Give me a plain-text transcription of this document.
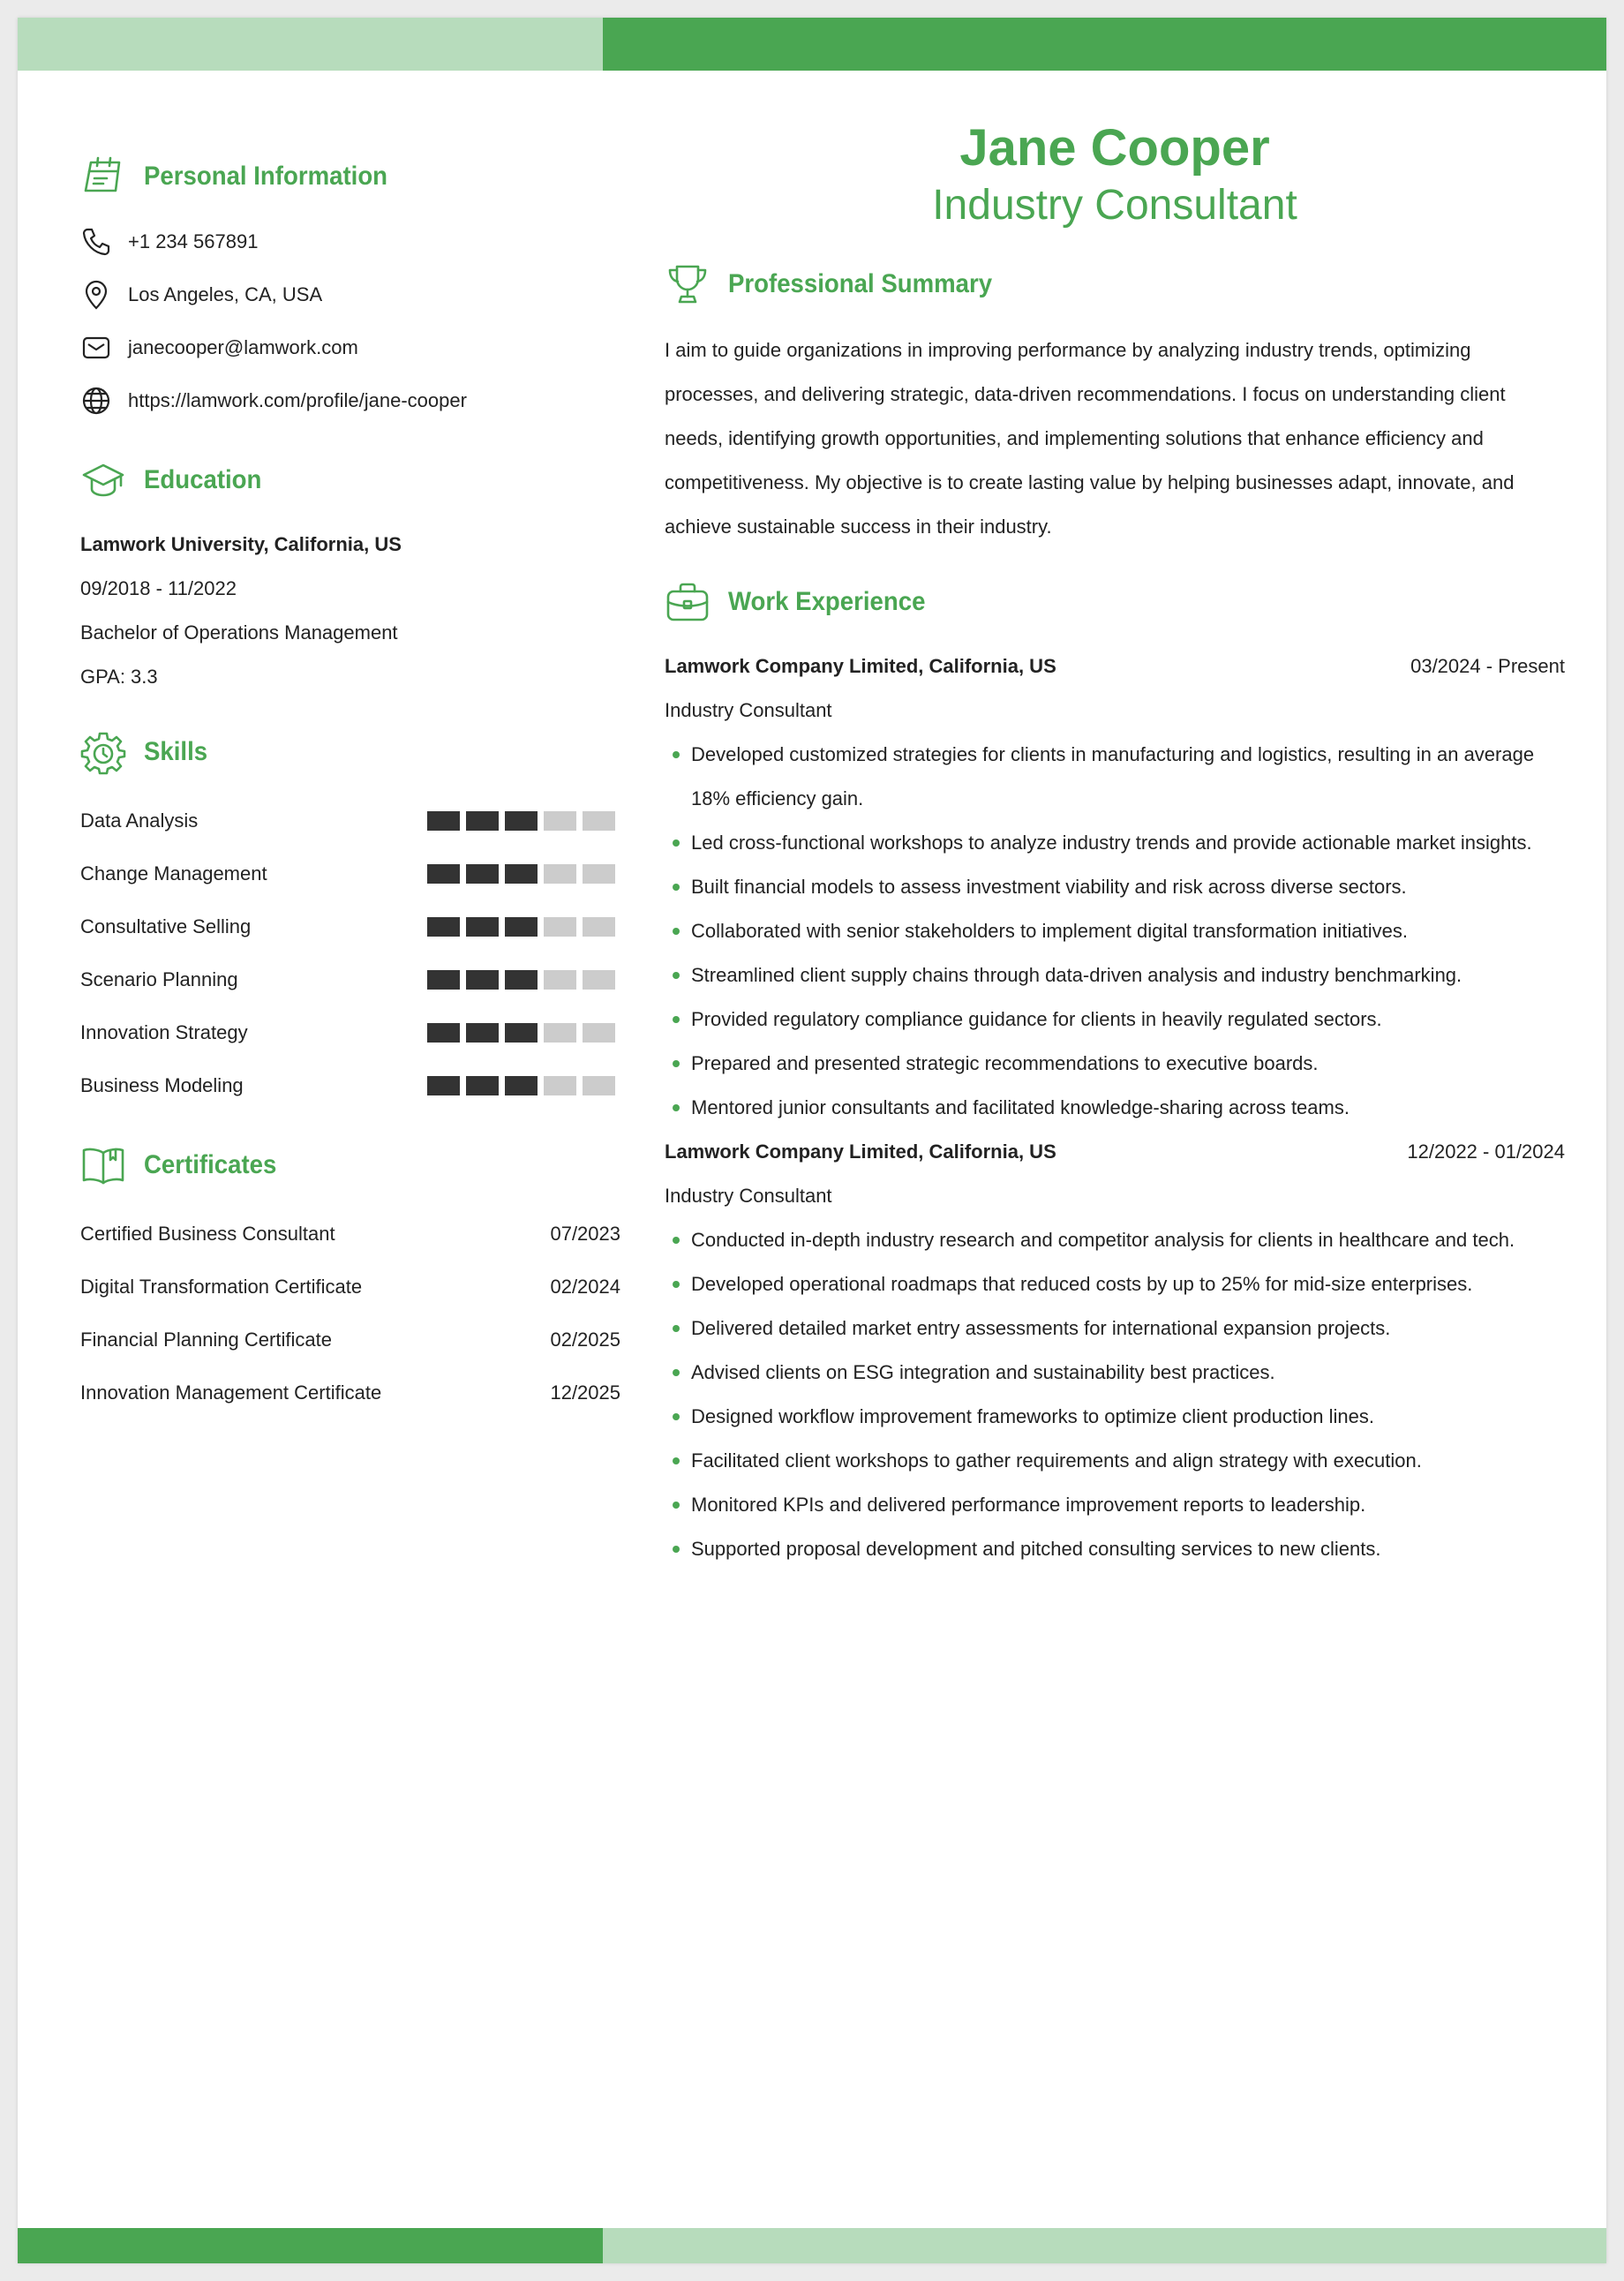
Personal Information
+1 234 567891
Los Angeles, CA, USA
janecooper@lamwork.com
https://lamwork.com/profile/jane-cooper
Education
Lamwork University, California, US
09/2018 - 11/2022
Bachelor of Operations Management
GPA: 3.3
Skills
Data Analysis
Change Management
Consultative Selling
Scenario Planning
Innovation Strategy
Business Modeling
Certificates
Certified Business Consultant	07/2023
Digital Transformation Certificate	02/2024
Financial Planning Certificate	02/2025
Innovation Management Certificate	12/2025
Jane Cooper
Industry Consultant
Professional Summary

I aim to guide organizations in improving performance by analyzing industry trends, optimizing processes, and delivering strategic, data-driven recommendations. I focus on understanding client needs, identifying growth opportunities, and implementing solutions that enhance efficiency and competitiveness. My objective is to create lasting value by helping businesses adapt, innovate, and achieve sustainable success in their industry.

Work Experience
Lamwork Company Limited, California, US	03/2024 - Present
Industry Consultant
Developed customized strategies for clients in manufacturing and logistics, resulting in an average 18% efficiency gain.
Led cross-functional workshops to analyze industry trends and provide actionable market insights.
Built financial models to assess investment viability and risk across diverse sectors.
Collaborated with senior stakeholders to implement digital transformation initiatives.
Streamlined client supply chains through data-driven analysis and industry benchmarking.
Provided regulatory compliance guidance for clients in heavily regulated sectors.
Prepared and presented strategic recommendations to executive boards.
Mentored junior consultants and facilitated knowledge-sharing across teams.
Lamwork Company Limited, California, US	12/2022 - 01/2024
Industry Consultant
Conducted in-depth industry research and competitor analysis for clients in healthcare and tech.
Developed operational roadmaps that reduced costs by up to 25% for mid-size enterprises.
Delivered detailed market entry assessments for international expansion projects.
Advised clients on ESG integration and sustainability best practices.
Designed workflow improvement frameworks to optimize client production lines.
Facilitated client workshops to gather requirements and align strategy with execution.
Monitored KPIs and delivered performance improvement reports to leadership.
Supported proposal development and pitched consulting services to new clients.
